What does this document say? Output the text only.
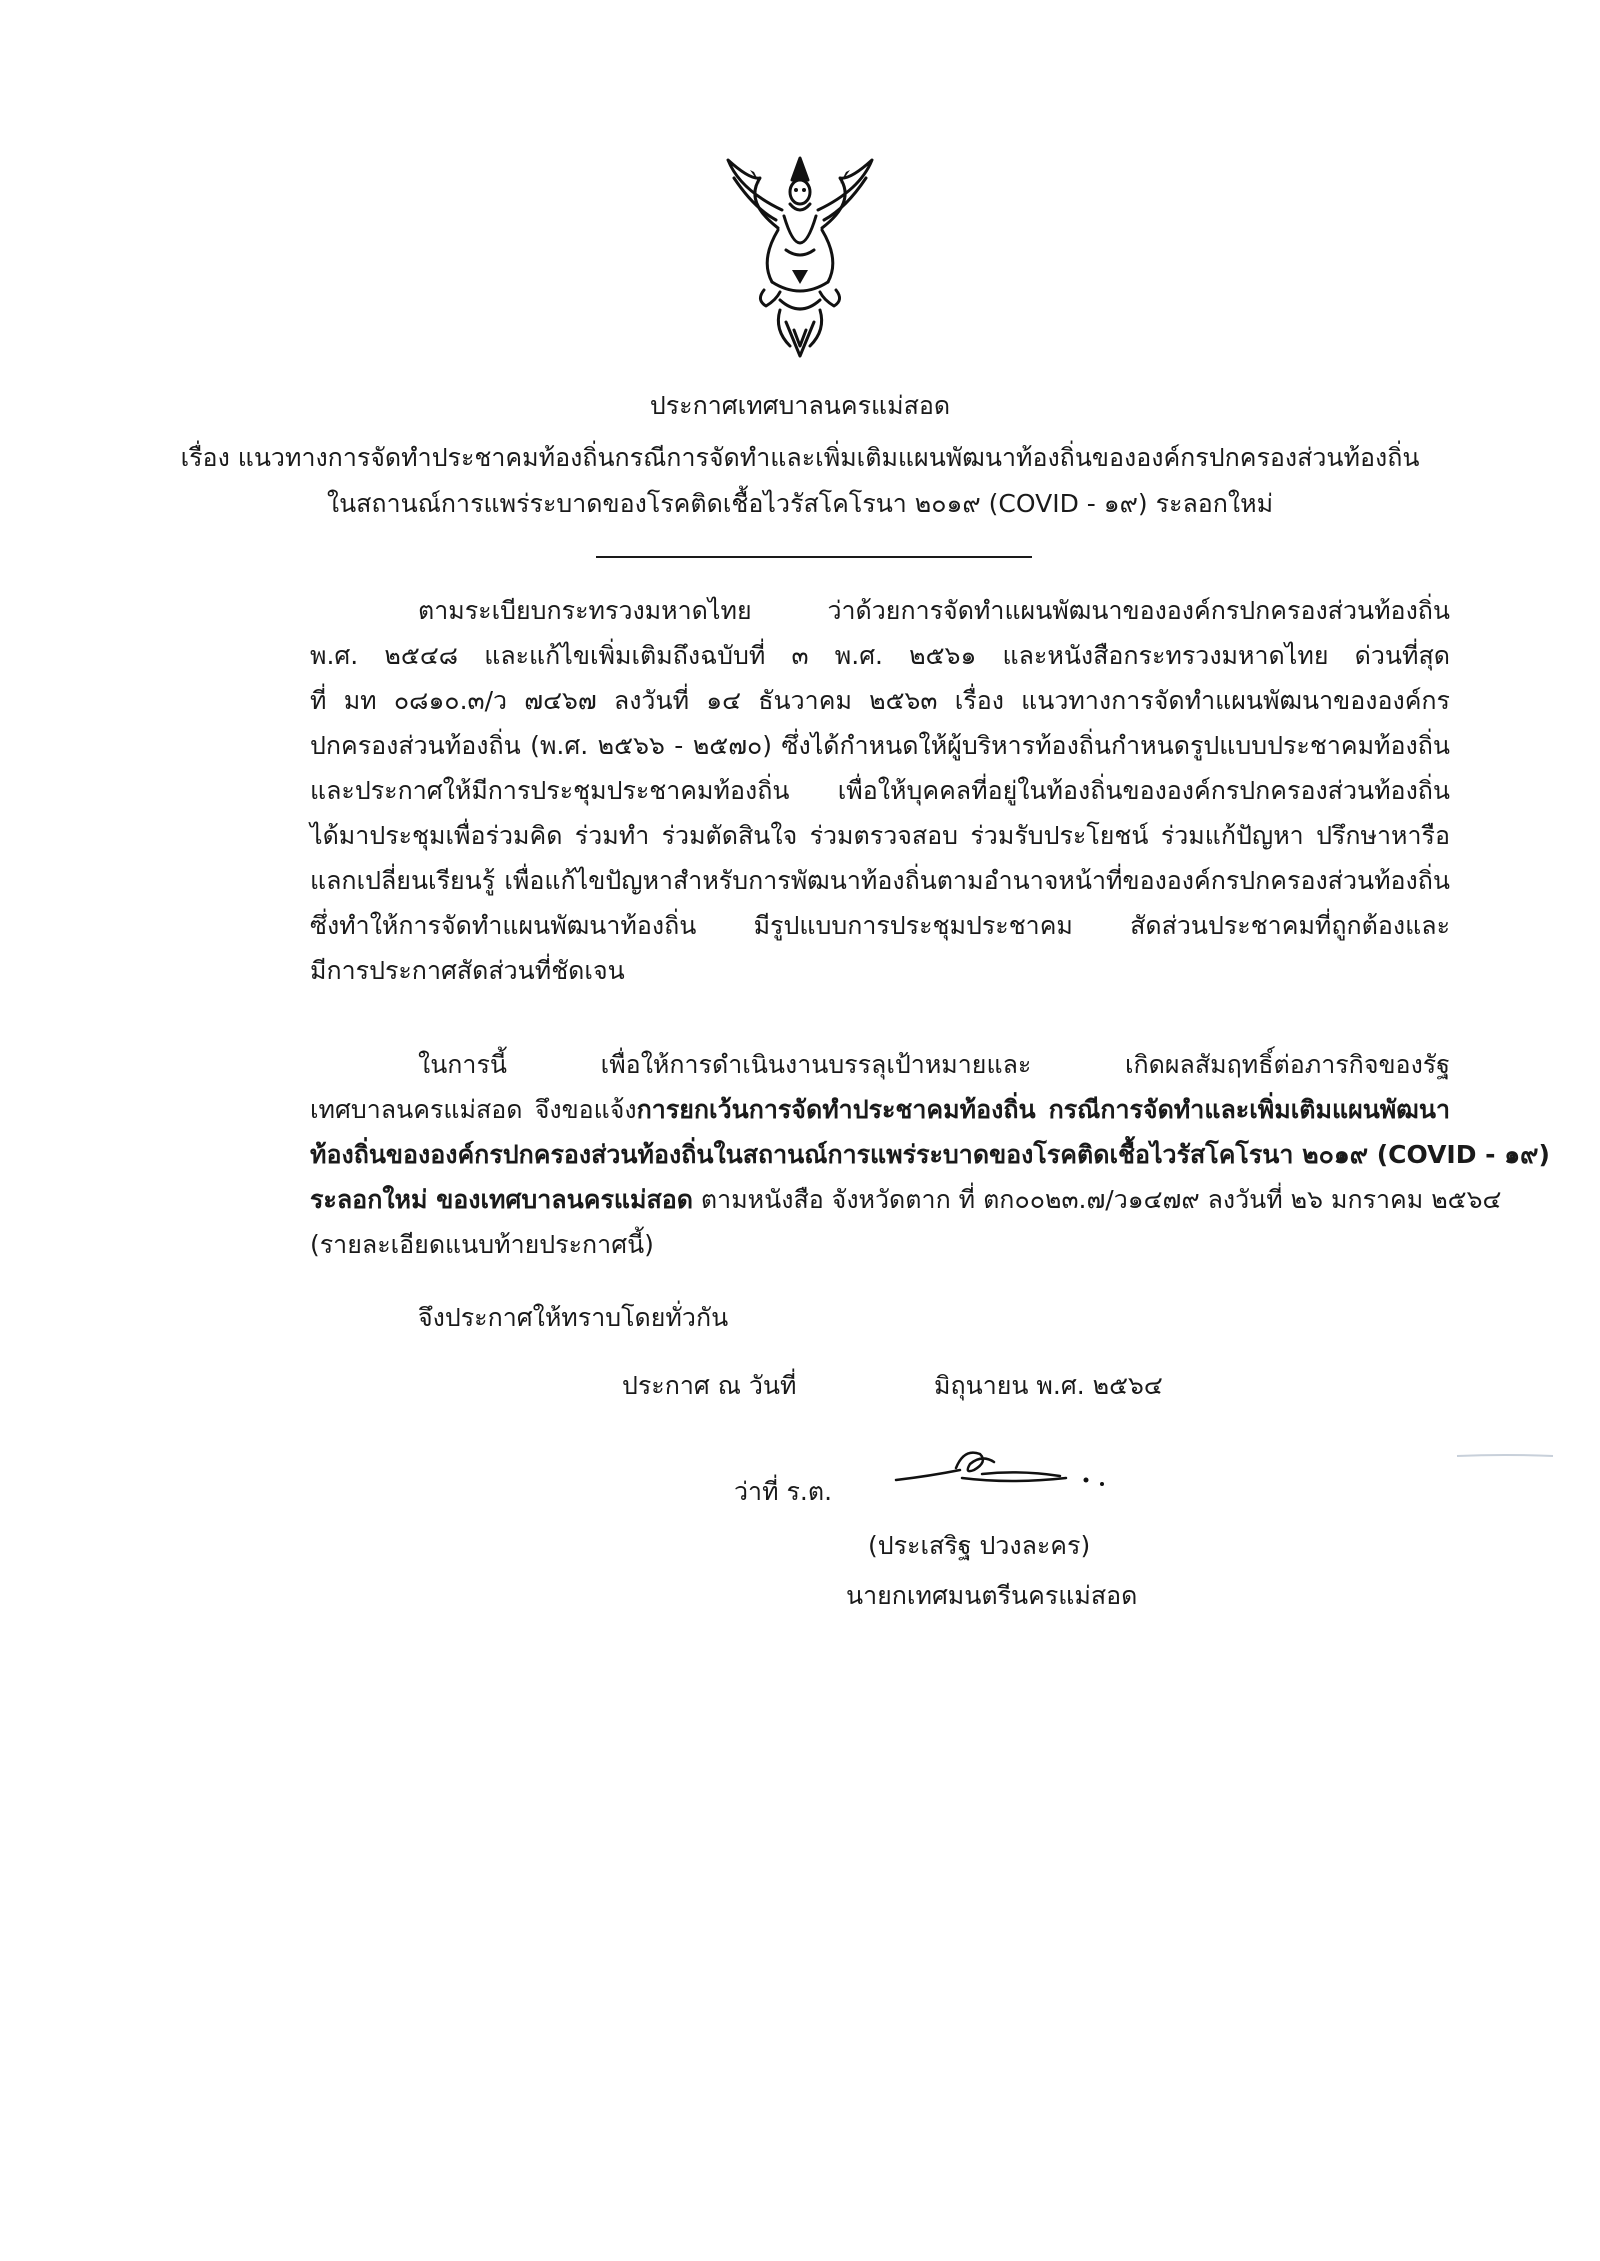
ประกาศเทศบาลนครแม่สอด
เรื่อง แนวทางการจัดทำประชาคมท้องถิ่นกรณีการจัดทำและเพิ่มเติมแผนพัฒนาท้องถิ่นขององค์กรปกครองส่วนท้องถิ่น
ในสถานณ์การแพร่ระบาดของโรคติดเชื้อไวรัสโคโรนา ๒๐๑๙ (COVID - ๑๙) ระลอกใหม่
ตามระเบียบกระทรวงมหาดไทย ว่าด้วยการจัดทำแผนพัฒนาขององค์กรปกครองส่วนท้องถิ่น
พ.ศ. ๒๕๔๘ และแก้ไขเพิ่มเติมถึงฉบับที่ ๓ พ.ศ. ๒๕๖๑ และหนังสือกระทรวงมหาดไทย ด่วนที่สุด
ที่ มท ๐๘๑๐.๓/ว ๗๔๖๗ ลงวันที่ ๑๔ ธันวาคม ๒๕๖๓ เรื่อง แนวทางการจัดทำแผนพัฒนาขององค์กร
ปกครองส่วนท้องถิ่น (พ.ศ. ๒๕๖๖ - ๒๕๗๐) ซึ่งได้กำหนดให้ผู้บริหารท้องถิ่นกำหนดรูปแบบประชาคมท้องถิ่น
และประกาศให้มีการประชุมประชาคมท้องถิ่น เพื่อให้บุคคลที่อยู่ในท้องถิ่นขององค์กรปกครองส่วนท้องถิ่น
ได้มาประชุมเพื่อร่วมคิด ร่วมทำ ร่วมตัดสินใจ ร่วมตรวจสอบ ร่วมรับประโยชน์ ร่วมแก้ปัญหา ปรึกษาหารือ
แลกเปลี่ยนเรียนรู้ เพื่อแก้ไขปัญหาสำหรับการพัฒนาท้องถิ่นตามอำนาจหน้าที่ขององค์กรปกครองส่วนท้องถิ่น
ซึ่งทำให้การจัดทำแผนพัฒนาท้องถิ่น มีรูปแบบการประชุมประชาคม สัดส่วนประชาคมที่ถูกต้องและ
มีการประกาศสัดส่วนที่ชัดเจน
ในการนี้ เพื่อให้การดำเนินงานบรรลุเป้าหมายและ เกิดผลสัมฤทธิ์ต่อภารกิจของรัฐ
เทศบาลนครแม่สอด จึงขอแจ้งการยกเว้นการจัดทำประชาคมท้องถิ่น กรณีการจัดทำและเพิ่มเติมแผนพัฒนา
ท้องถิ่นขององค์กรปกครองส่วนท้องถิ่นในสถานณ์การแพร่ระบาดของโรคติดเชื้อไวรัสโคโรนา ๒๐๑๙ (COVID - ๑๙)
ระลอกใหม่ ของเทศบาลนครแม่สอด ตามหนังสือ จังหวัดตาก ที่ ตก๐๐๒๓.๗/ว๑๔๗๙ ลงวันที่ ๒๖ มกราคม ๒๕๖๔
(รายละเอียดแนบท้ายประกาศนี้)
จึงประกาศให้ทราบโดยทั่วกัน
ประกาศ ณ วันที่	มิถุนายน พ.ศ. ๒๕๖๔
ว่าที่ ร.ต.
(ประเสริฐ ปวงละคร)
นายกเทศมนตรีนครแม่สอด
